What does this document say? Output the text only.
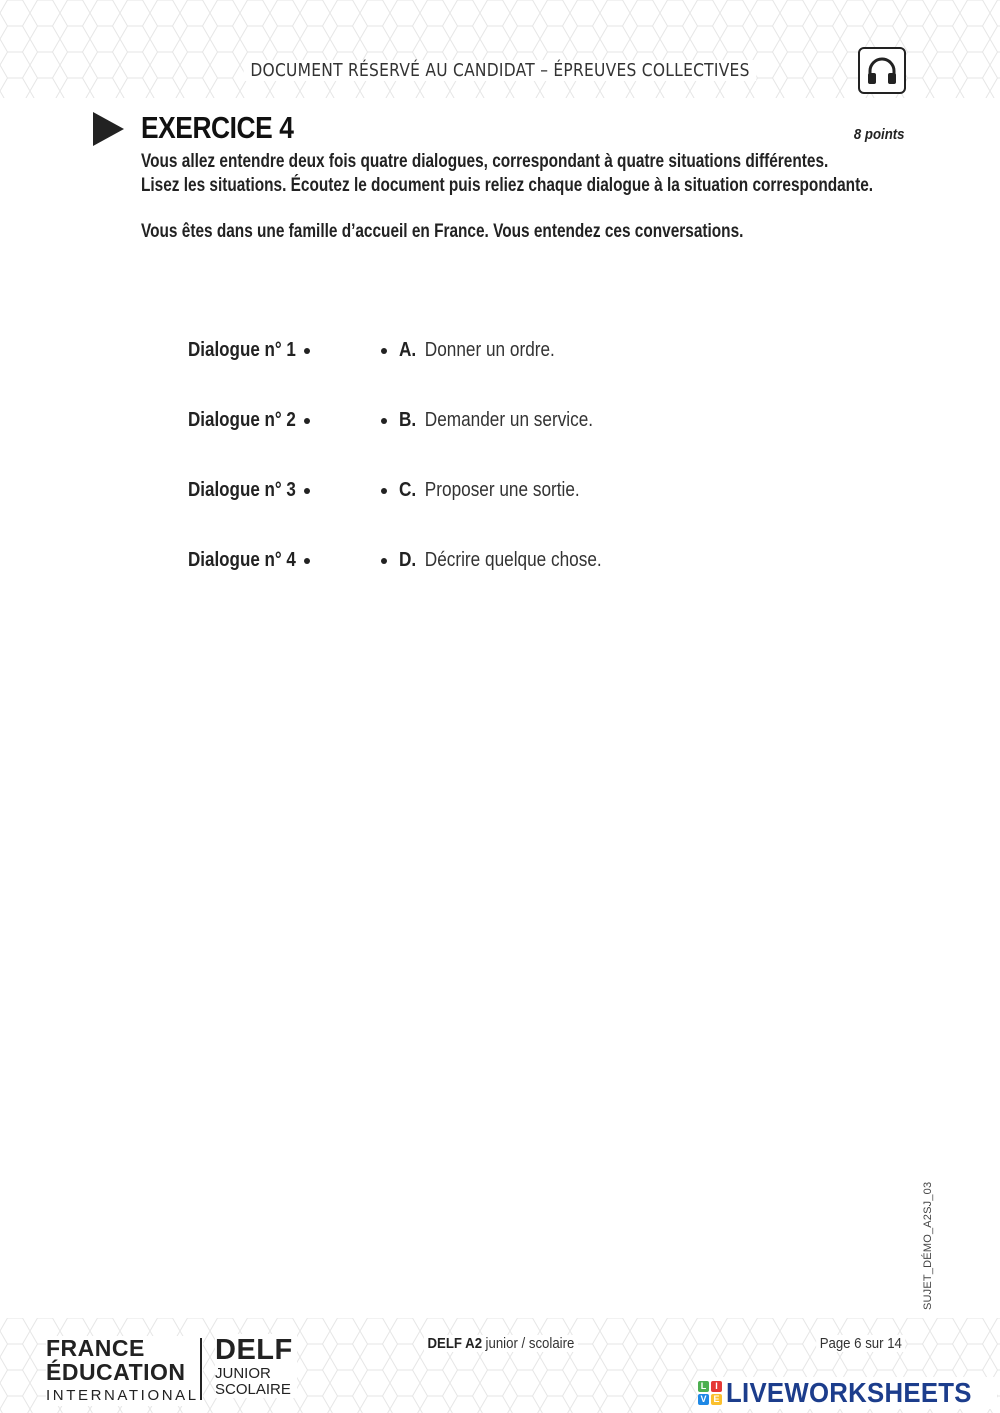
DOCUMENT RÉSERVÉ AU CANDIDAT – ÉPREUVES COLLECTIVES
EXERCICE 4	8 points
Vous allez entendre deux fois quatre dialogues, correspondant à quatre situations différentes.
Lisez les situations. Écoutez le document puis reliez chaque dialogue à la situation correspondante.
Vous êtes dans une famille d’accueil en France. Vous entendez ces conversations.
Dialogue n° 1	A. Donner un ordre.
Dialogue n° 2	B. Demander un service.
Dialogue n° 3	C. Proposer une sortie.
Dialogue n° 4	D. Décrire quelque chose.
SUJET_DÉMO_A2SJ_03
FRANCE
ÉDUCATION
INTERNATIONAL
DELF
JUNIOR
SCOLAIRE
DELF A2 junior / scolaire	Page 6 sur 14
L I
V E LIVEWORKSHEETS
